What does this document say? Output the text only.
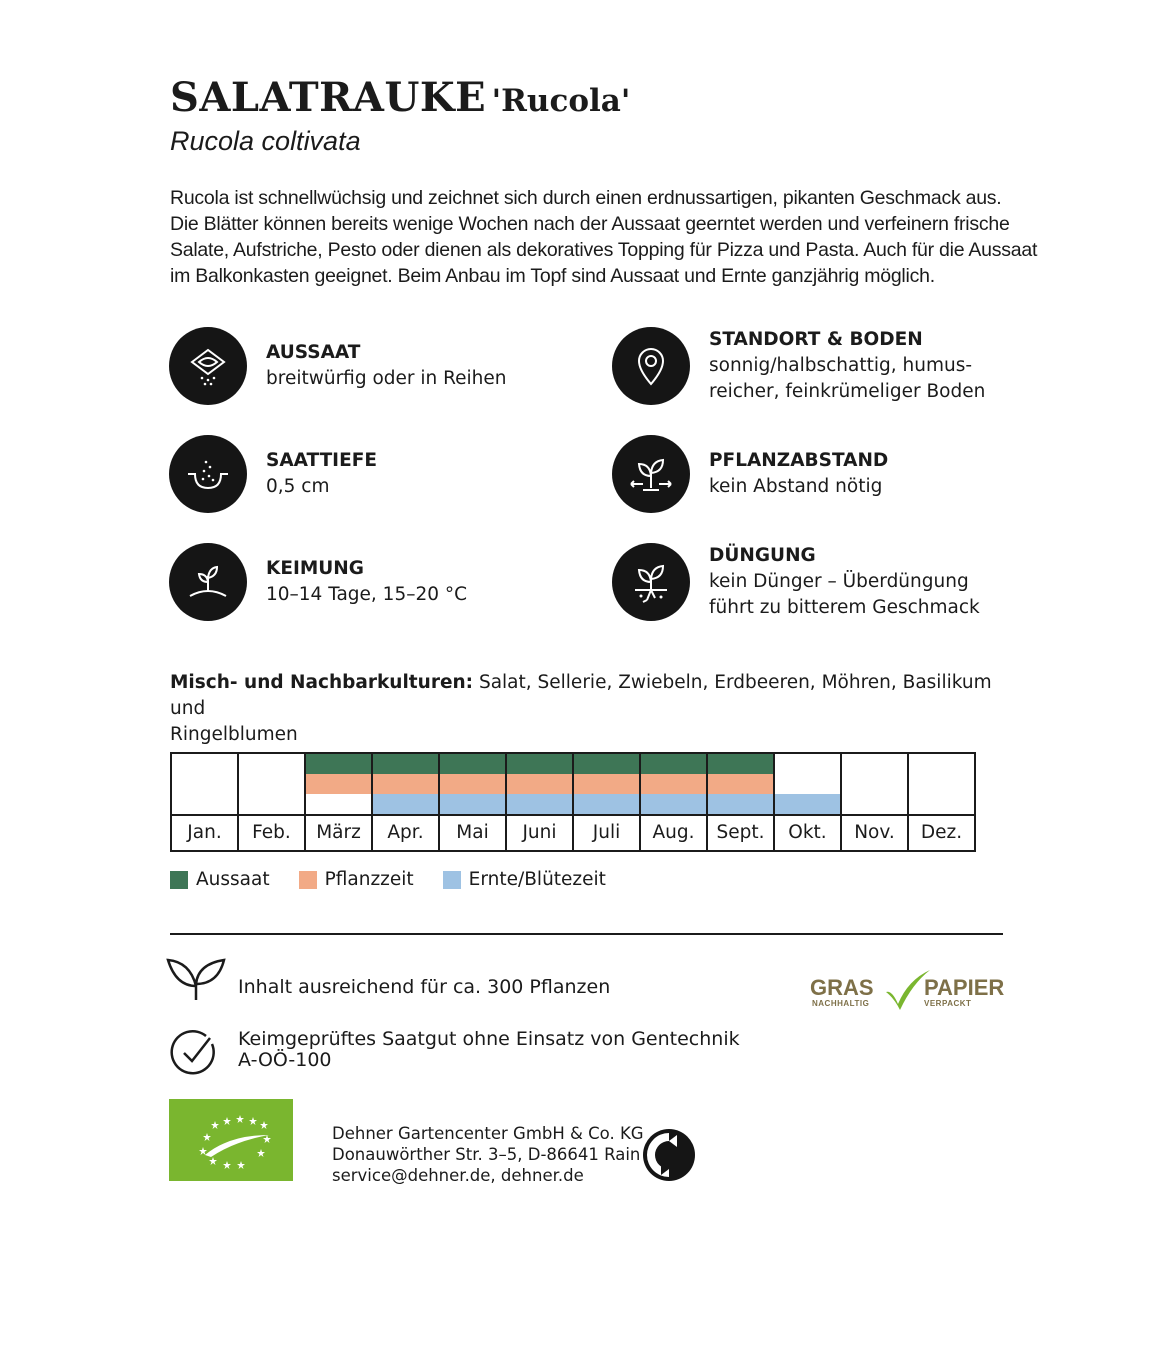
SALATRAUKE 'Rucola'
Rucola coltivata
Rucola ist schnellwüchsig und zeichnet sich durch einen erdnussartigen, pikanten Geschmack aus.
Die Blätter können bereits wenige Wochen nach der Aussaat geerntet werden und verfeinern frische
Salate, Aufstriche, Pesto oder dienen als dekoratives Topping für Pizza und Pasta. Auch für die Aussaat
im Balkonkasten geeignet. Beim Anbau im Topf sind Aussaat und Ernte ganzjährig möglich.
AUSSAAT
breitwürfig oder in Reihen
SAATTIEFE
0,5 cm
KEIMUNG
10–14 Tage, 15–20 °C
STANDORT & BODEN
sonnig/halbschattig, humus-
reicher, feinkrümeliger Boden
PFLANZABSTAND
kein Abstand nötig
DÜNGUNG
kein Dünger – Überdüngung
führt zu bitterem Geschmack
Misch- und Nachbarkulturen: Salat, Sellerie, Zwiebeln, Erdbeeren, Möhren, Basilikum und
Ringelblumen

Jan.	Feb.	März	Apr.	Mai	Juni	Juli	Aug.	Sept.	Okt.	Nov.	Dez.
Aussaat	Pflanzzeit	Ernte/Blütezeit
Inhalt ausreichend für ca. 300 Pflanzen
Keimgeprüftes Saatgut ohne Einsatz von Gentechnik
A-OÖ-100
GRAS
NACHHALTIG
PAPIER
VERPACKT
Dehner Gartencenter GmbH & Co. KG
Donauwörther Str. 3–5, D-86641 Rain
service@dehner.de, dehner.de
